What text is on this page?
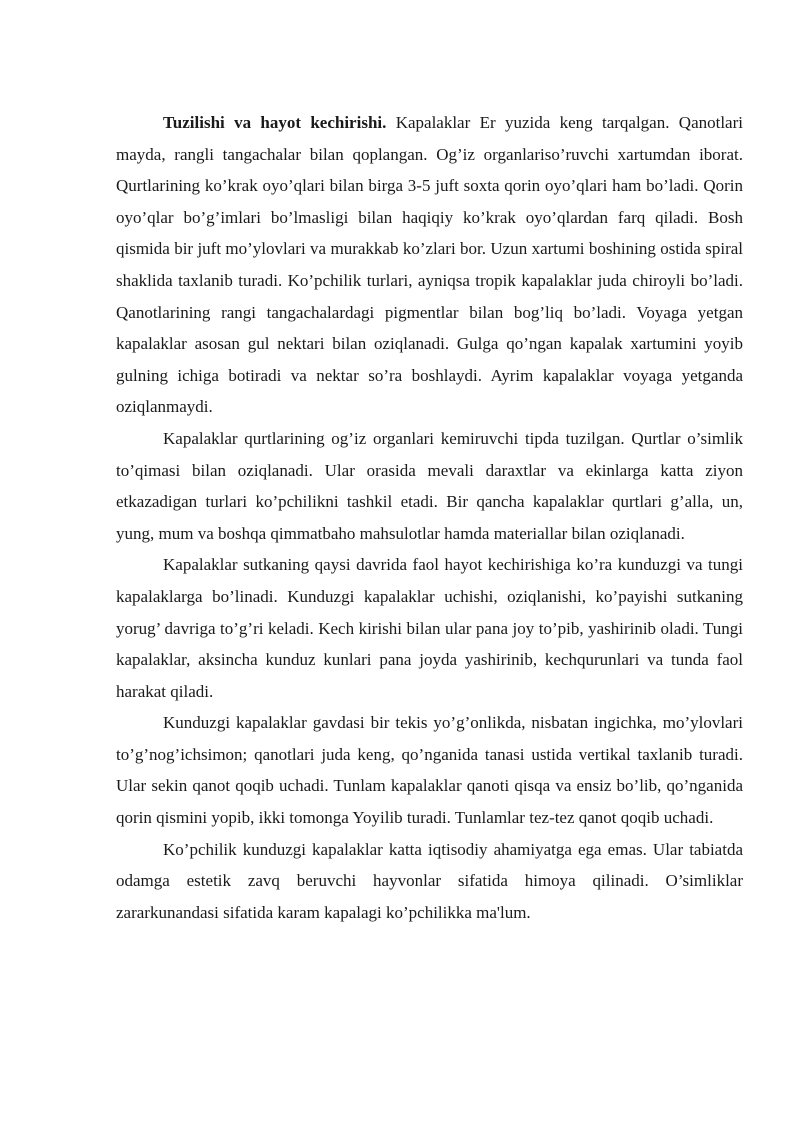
Tuzilishi va hayot kechirishi. Kapalaklar Er yuzida keng tarqalgan. Qanotlari mayda, rangli tangachalar bilan qoplangan. Og’iz organlariso’ruvchi xartumdan iborat. Qurtlarining ko’krak oyo’qlari bilan birga 3-5 juft soxta qorin oyo’qlari ham bo’ladi. Qorin oyo’qlar bo’g’imlari bo’lmasligi bilan haqiqiy ko’krak oyo’qlardan farq qiladi. Bosh qismida bir juft mo’ylovlari va murakkab ko’zlari bor. Uzun xartumi boshining ostida spiral shaklida taxlanib turadi. Ko’pchilik turlari, ayniqsa tropik kapalaklar juda chiroyli bo’ladi. Qanotlarining rangi tangachalardagi pigmentlar bilan bog’liq bo’ladi. Voyaga yetgan kapalaklar asosan gul nektari bilan oziqlanadi. Gulga qo’ngan kapalak xartumini yoyib gulning ichiga botiradi va nektar so’ra boshlaydi. Ayrim kapalaklar voyaga yetganda oziqlanmaydi.

Kapalaklar qurtlarining og’iz organlari kemiruvchi tipda tuzilgan. Qurtlar o’simlik to’qimasi bilan oziqlanadi. Ular orasida mevali daraxtlar va ekinlarga katta ziyon etkazadigan turlari ko’pchilikni tashkil etadi. Bir qancha kapalaklar qurtlari g’alla, un, yung, mum va boshqa qimmatbaho mahsulotlar hamda materiallar bilan oziqlanadi.

Kapalaklar sutkaning qaysi davrida faol hayot kechirishiga ko’ra kunduzgi va tungi kapalaklarga bo’linadi. Kunduzgi kapalaklar uchishi, oziqlanishi, ko’payishi sutkaning yorug’ davriga to’g’ri keladi. Kech kirishi bilan ular pana joy to’pib, yashirinib oladi. Tungi kapalaklar, aksincha kunduz kunlari pana joyda yashirinib, kechqurunlari va tunda faol harakat qiladi.

Kunduzgi kapalaklar gavdasi bir tekis yo’g’onlikda, nisbatan ingichka, mo’ylovlari to’g’nog’ichsimon; qanotlari juda keng, qo’nganida tanasi ustida vertikal taxlanib turadi. Ular sekin qanot qoqib uchadi. Tunlam kapalaklar qanoti qisqa va ensiz bo’lib, qo’nganida qorin qismini yopib, ikki tomonga Yoyilib turadi. Tunlamlar tez-tez qanot qoqib uchadi.

Ko’pchilik kunduzgi kapalaklar katta iqtisodiy ahamiyatga ega emas. Ular tabiatda odamga estetik zavq beruvchi hayvonlar sifatida himoya qilinadi. O’simliklar zararkunandasi sifatida karam kapalagi ko’pchilikka ma'lum.
